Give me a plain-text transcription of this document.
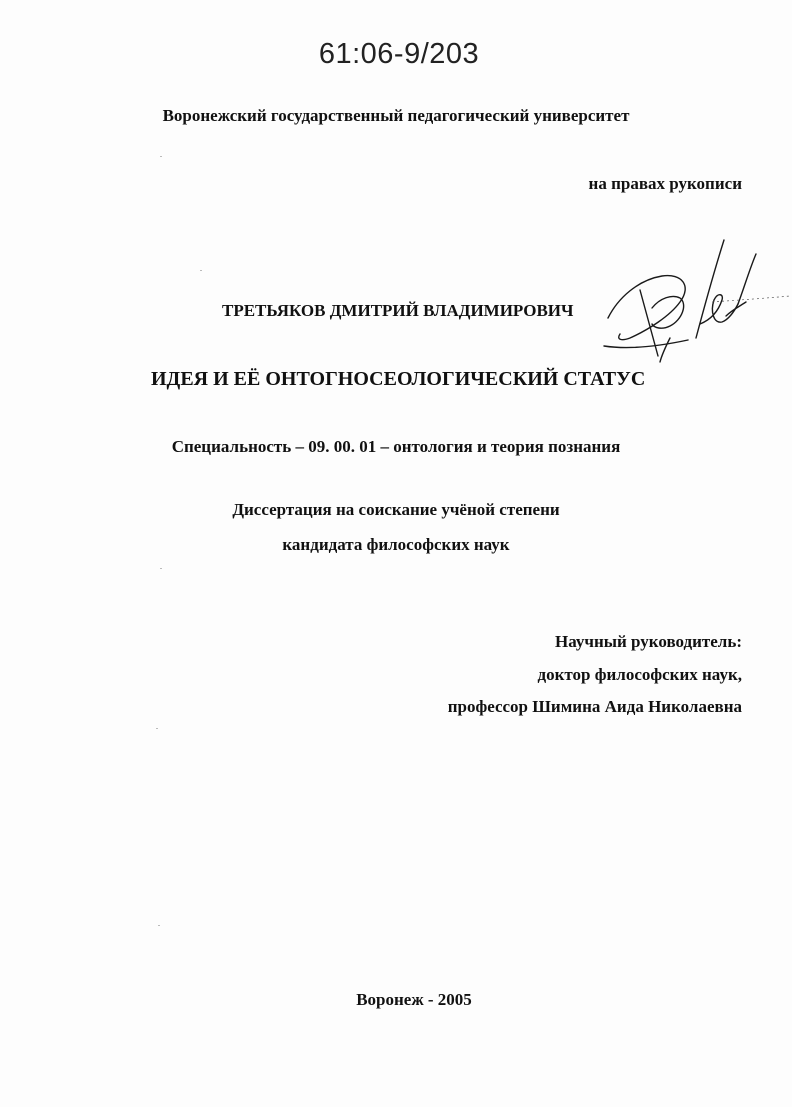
61:06-9/203
Воронежский государственный педагогический университет
на правах рукописи
ТРЕТЬЯКОВ ДМИТРИЙ ВЛАДИМИРОВИЧ
ИДЕЯ И ЕЁ ОНТОГНОСЕОЛОГИЧЕСКИЙ СТАТУС
Специальность – 09. 00. 01 – онтология и теория познания
Диссертация на соискание учёной степени
кандидата философских наук
Научный руководитель:
доктор философских наук,
профессор Шимина Аида Николаевна
Воронеж - 2005
